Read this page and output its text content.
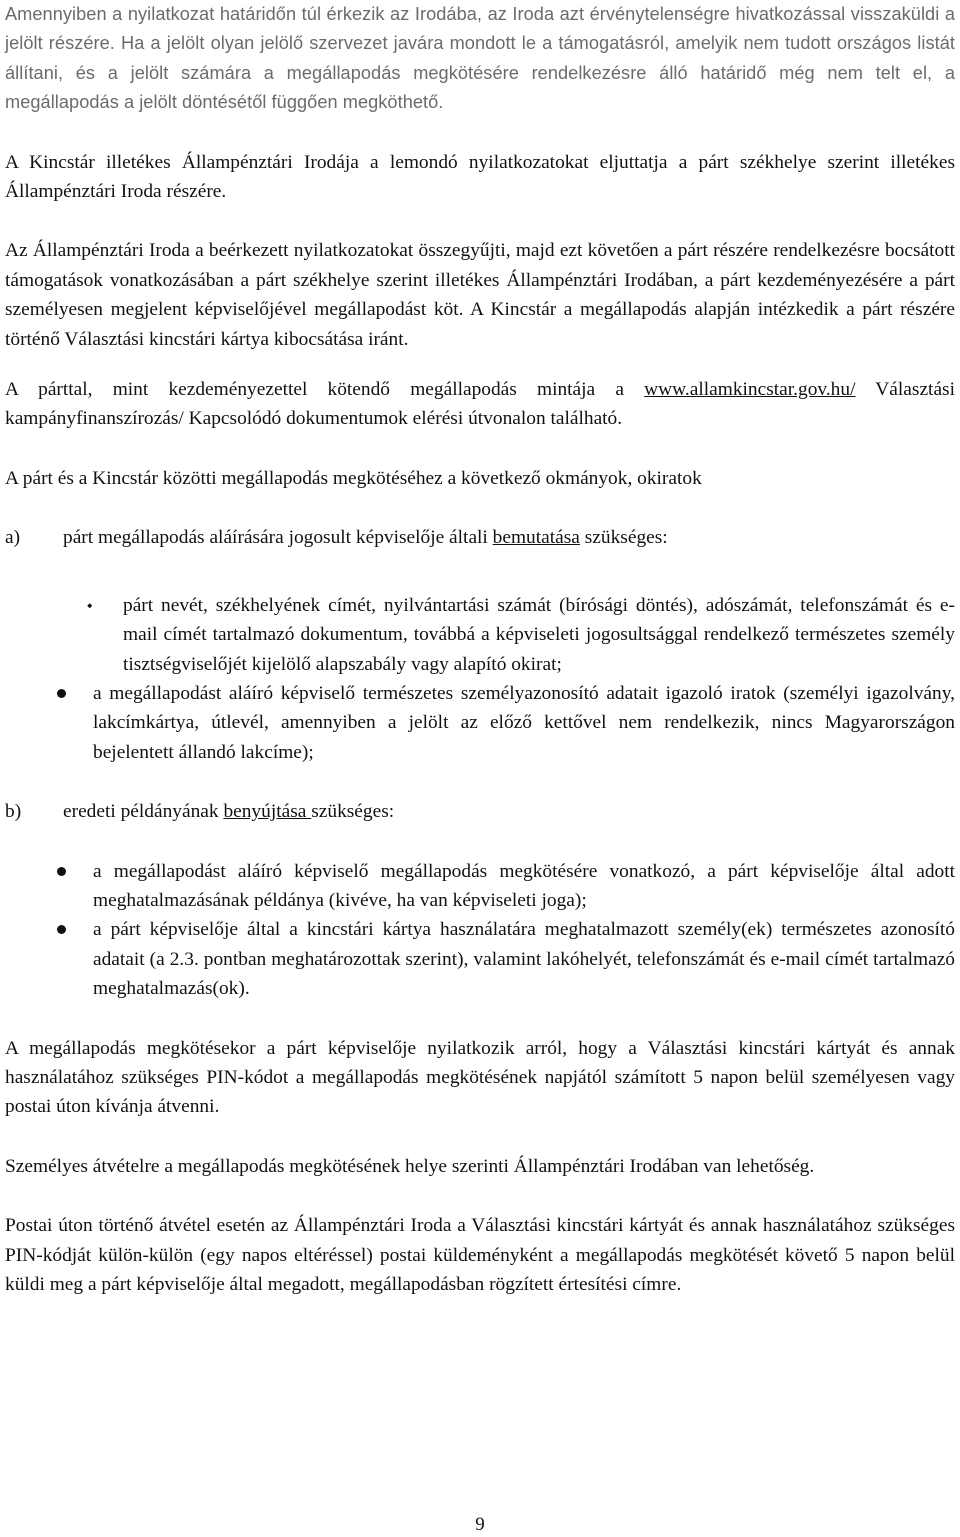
Amennyiben a nyilatkozat határidőn túl érkezik az Irodába, az Iroda azt érvénytelenségre hivatkozással visszaküldi a jelölt részére. Ha a jelölt olyan jelölő szervezet javára mondott le a támogatásról, amelyik nem tudott országos listát állítani, és a jelölt számára a megállapodás megkötésére rendelkezésre álló határidő még nem telt el, a megállapodás a jelölt döntésétől függően megköthető.

A Kincstár illetékes Állampénztári Irodája a lemondó nyilatkozatokat eljuttatja a párt székhelye szerint illetékes Állampénztári Iroda részére.

Az Állampénztári Iroda a beérkezett nyilatkozatokat összegyűjti, majd ezt követően a párt részére rendelkezésre bocsátott támogatások vonatkozásában a párt székhelye szerint illetékes Állampénztári Irodában, a párt kezdeményezésére a párt személyesen megjelent képviselőjével megállapodást köt. A Kincstár a megállapodás alapján intézkedik a párt részére történő Választási kincstári kártya kibocsátása iránt.

A párttal, mint kezdeményezettel kötendő megállapodás mintája a www.allamkincstar.gov.hu/ Választási kampányfinanszírozás/ Kapcsolódó dokumentumok elérési útvonalon található.

A párt és a Kincstár közötti megállapodás megkötéséhez a következő okmányok, okiratok

a) párt megállapodás aláírására jogosult képviselője általi bemutatása szükséges:

⬩ párt nevét, székhelyének címét, nyilvántartási számát (bírósági döntés), adószámát, telefonszámát és e-mail címét tartalmazó dokumentum, továbbá a képviseleti jogosultsággal rendelkező természetes személy tisztségviselőjét kijelölő alapszabály vagy alapító okirat;

a megállapodást aláíró képviselő természetes személyazonosító adatait igazoló iratok (személyi igazolvány, lakcímkártya, útlevél, amennyiben a jelölt az előző kettővel nem rendelkezik, nincs Magyarországon bejelentett állandó lakcíme);

b) eredeti példányának benyújtása szükséges:

a megállapodást aláíró képviselő megállapodás megkötésére vonatkozó, a párt képviselője által adott meghatalmazásának példánya (kivéve, ha van képviseleti joga);

a párt képviselője által a kincstári kártya használatára meghatalmazott személy(ek) természetes azonosító adatait (a 2.3. pontban meghatározottak szerint), valamint lakóhelyét, telefonszámát és e-mail címét tartalmazó meghatalmazás(ok).

A megállapodás megkötésekor a párt képviselője nyilatkozik arról, hogy a Választási kincstári kártyát és annak használatához szükséges PIN-kódot a megállapodás megkötésének napjától számított 5 napon belül személyesen vagy postai úton kívánja átvenni.

Személyes átvételre a megállapodás megkötésének helye szerinti Állampénztári Irodában van lehetőség.

Postai úton történő átvétel esetén az Állampénztári Iroda a Választási kincstári kártyát és annak használatához szükséges PIN-kódját külön-külön (egy napos eltéréssel) postai küldeményként a megállapodás megkötését követő 5 napon belül küldi meg a párt képviselője által megadott, megállapodásban rögzített értesítési címre.

9
